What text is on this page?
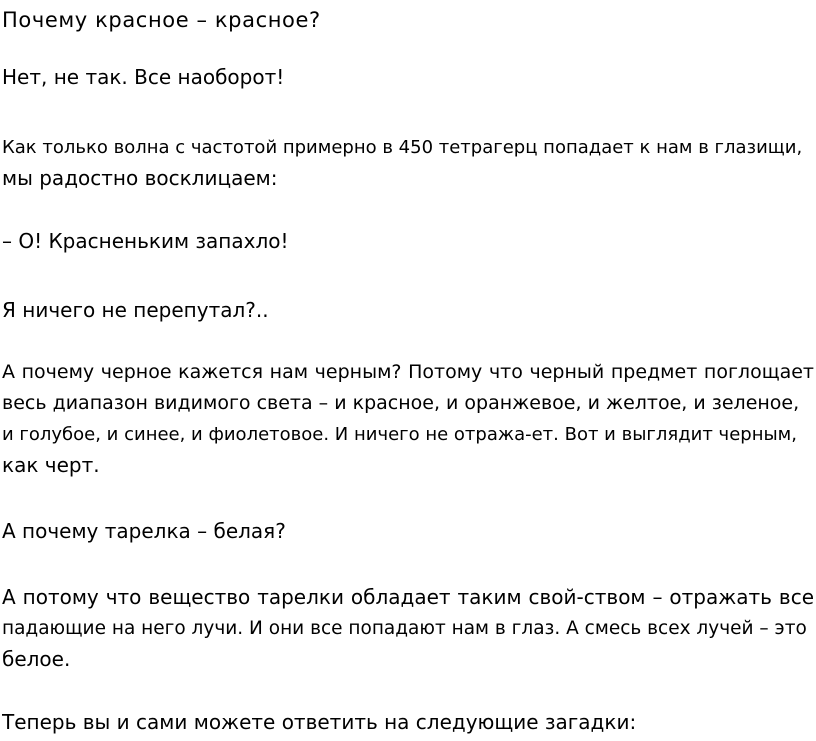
Почему красное – красное?
Нет, не так. Все наоборот!
Как только волна с частотой примерно в 450 тетрагерц попадает к нам в глазищи,
мы радостно восклицаем:
– О! Красненьким запахло!
Я ничего не перепутал?..
А почему черное кажется нам черным? Потому что черный предмет поглощает
весь диапазон видимого света – и красное, и оранжевое, и желтое, и зеленое,
и голубое, и синее, и фиолетовое. И ничего не отража-ет. Вот и выглядит черным,
как черт.
А почему тарелка – белая?
А потому что вещество тарелки обладает таким свой-ством – отражать все
падающие на него лучи. И они все попадают нам в глаз. А смесь всех лучей – это
белое.
Теперь вы и сами можете ответить на следующие загадки:
